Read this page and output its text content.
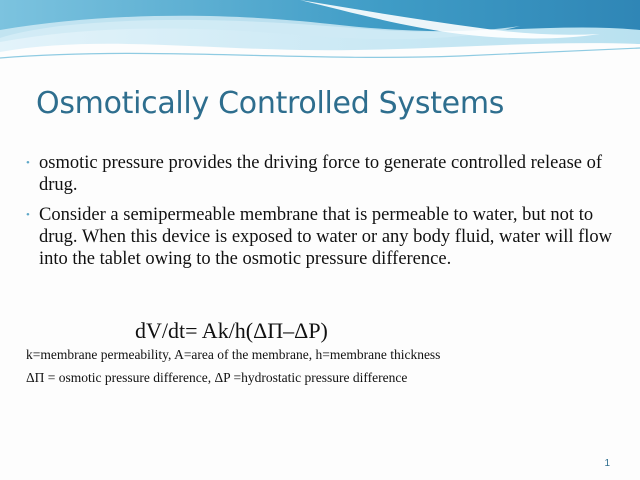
Osmotically Controlled Systems
• osmotic pressure provides the driving force to generate controlled release of drug.
• Consider a semipermeable membrane that is permeable to water, but not to drug. When this device is exposed to water or any body fluid, water will flow into the tablet owing to the osmotic pressure difference.
dV/dt= Ak/h(ΔΠ–ΔP)
k=membrane permeability, A=area of the membrane, h=membrane thickness
ΔΠ = osmotic pressure difference, ΔP =hydrostatic pressure difference
1
